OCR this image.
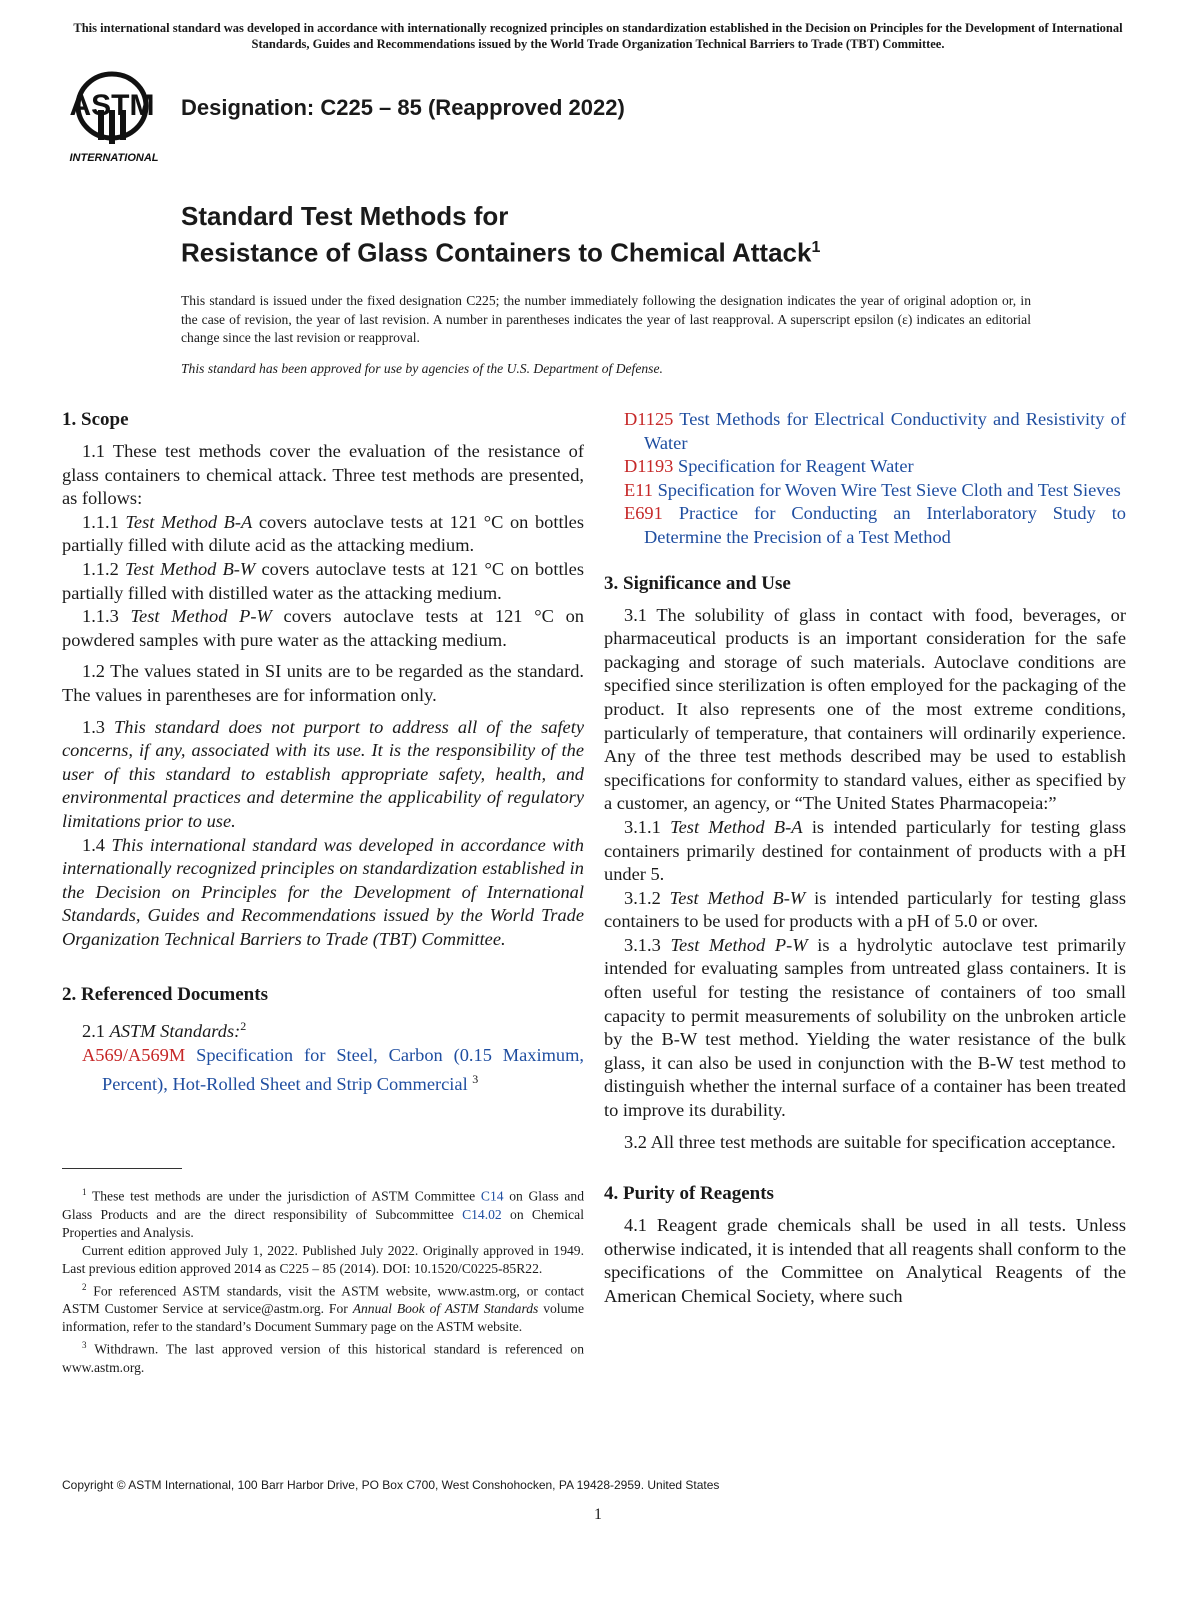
This international standard was developed in accordance with internationally recognized principles on standardization established in the Decision on Principles for the Development of International Standards, Guides and Recommendations issued by the World Trade Organization Technical Barriers to Trade (TBT) Committee.
ASTM
INTERNATIONAL
Designation: C225 – 85 (Reapproved 2022)
Standard Test Methods for
Resistance of Glass Containers to Chemical Attack$^1$
This standard is issued under the fixed designation C225; the number immediately following the designation indicates the year of original adoption or, in the case of revision, the year of last revision. A number in parentheses indicates the year of last reapproval. A superscript epsilon (ε) indicates an editorial change since the last revision or reapproval.
This standard has been approved for use by agencies of the U.S. Department of Defense.
1. Scope

1.1 These test methods cover the evaluation of the resistance of glass containers to chemical attack. Three test methods are presented, as follows:

1.1.1 Test Method B-A covers autoclave tests at 121 °C on bottles partially filled with dilute acid as the attacking medium.

1.1.2 Test Method B-W covers autoclave tests at 121 °C on bottles partially filled with distilled water as the attacking medium.

1.1.3 Test Method P-W covers autoclave tests at 121 °C on powdered samples with pure water as the attacking medium.

1.2 The values stated in SI units are to be regarded as the standard. The values in parentheses are for information only.

1.3 This standard does not purport to address all of the safety concerns, if any, associated with its use. It is the responsibility of the user of this standard to establish appropriate safety, health, and environmental practices and determine the applicability of regulatory limitations prior to use.

1.4 This international standard was developed in accordance with internationally recognized principles on standardization established in the Decision on Principles for the Development of International Standards, Guides and Recommendations issued by the World Trade Organization Technical Barriers to Trade (TBT) Committee.

2. Referenced Documents

2.1 ASTM Standards:$^2$

A569/A569M Specification for Steel, Carbon (0.15 Maximum, Percent), Hot-Rolled Sheet and Strip Commercial $^3$

D1125 Test Methods for Electrical Conductivity and Resistivity of Water

D1193 Specification for Reagent Water

E11 Specification for Woven Wire Test Sieve Cloth and Test Sieves

E691 Practice for Conducting an Interlaboratory Study to Determine the Precision of a Test Method

3. Significance and Use

3.1 The solubility of glass in contact with food, beverages, or pharmaceutical products is an important consideration for the safe packaging and storage of such materials. Autoclave conditions are specified since sterilization is often employed for the packaging of the product. It also represents one of the most extreme conditions, particularly of temperature, that containers will ordinarily experience. Any of the three test methods described may be used to establish specifications for conformity to standard values, either as specified by a customer, an agency, or “The United States Pharmacopeia:”

3.1.1 Test Method B-A is intended particularly for testing glass containers primarily destined for containment of products with a pH under 5.

3.1.2 Test Method B-W is intended particularly for testing glass containers to be used for products with a pH of 5.0 or over.

3.1.3 Test Method P-W is a hydrolytic autoclave test primarily intended for evaluating samples from untreated glass containers. It is often useful for testing the resistance of containers of too small capacity to permit measurements of solubility on the unbroken article by the B-W test method. Yielding the water resistance of the bulk glass, it can also be used in conjunction with the B-W test method to distinguish whether the internal surface of a container has been treated to improve its durability.

3.2 All three test methods are suitable for specification acceptance.

4. Purity of Reagents

4.1 Reagent grade chemicals shall be used in all tests. Unless otherwise indicated, it is intended that all reagents shall conform to the specifications of the Committee on Analytical Reagents of the American Chemical Society, where such

$^1$ These test methods are under the jurisdiction of ASTM Committee C14 on Glass and Glass Products and are the direct responsibility of Subcommittee C14.02 on Chemical Properties and Analysis.

Current edition approved July 1, 2022. Published July 2022. Originally approved in 1949. Last previous edition approved 2014 as C225 – 85 (2014). DOI: 10.1520/C0225-85R22.

$^2$ For referenced ASTM standards, visit the ASTM website, www.astm.org, or contact ASTM Customer Service at service@astm.org. For Annual Book of ASTM Standards volume information, refer to the standard’s Document Summary page on the ASTM website.

$^3$ Withdrawn. The last approved version of this historical standard is referenced on www.astm.org.

Copyright © ASTM International, 100 Barr Harbor Drive, PO Box C700, West Conshohocken, PA 19428-2959. United States
1
